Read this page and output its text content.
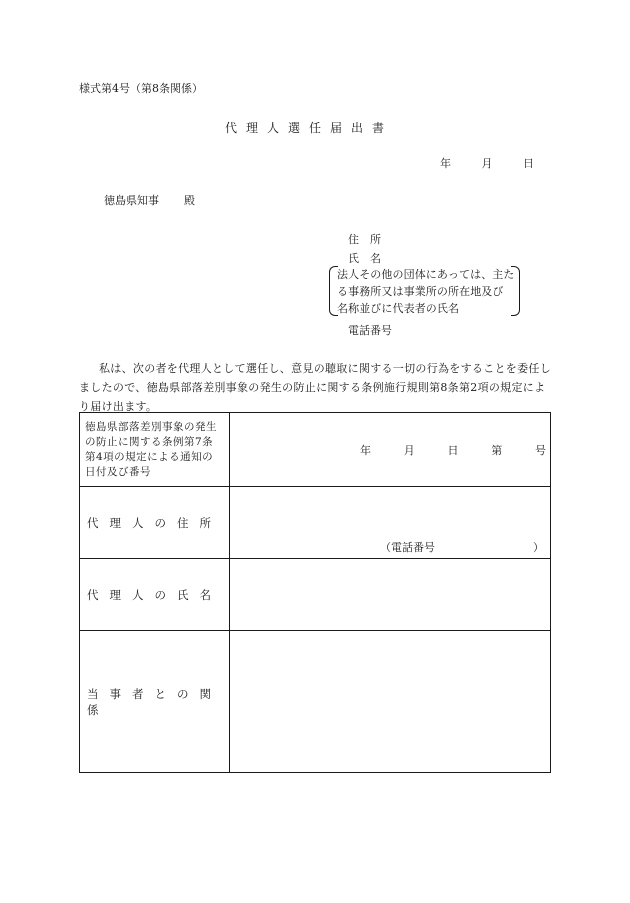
様式第4号（第8条関係）
代理人選任届出書
年	月	日
徳島県知事 殿
住　所
氏　名
法人その他の団体にあっては、主た
る事務所又は事業所の所在地及び
名称並びに代表者の氏名
電話番号
私は、次の者を代理人として選任し、意見の聴取に関する一切の行為をすることを委任しましたので、徳島県部落差別事象の発生の防止に関する条例施行規則第8条第2項の規定により届け出ます。
徳島県部落差別事象の発生の防止に関する条例第7条第4項の規定による通知の日付及び番号	年 月 日 第 号

代理人の住所	（電話番号 ）

代理人の氏名	
当事者との関係	
